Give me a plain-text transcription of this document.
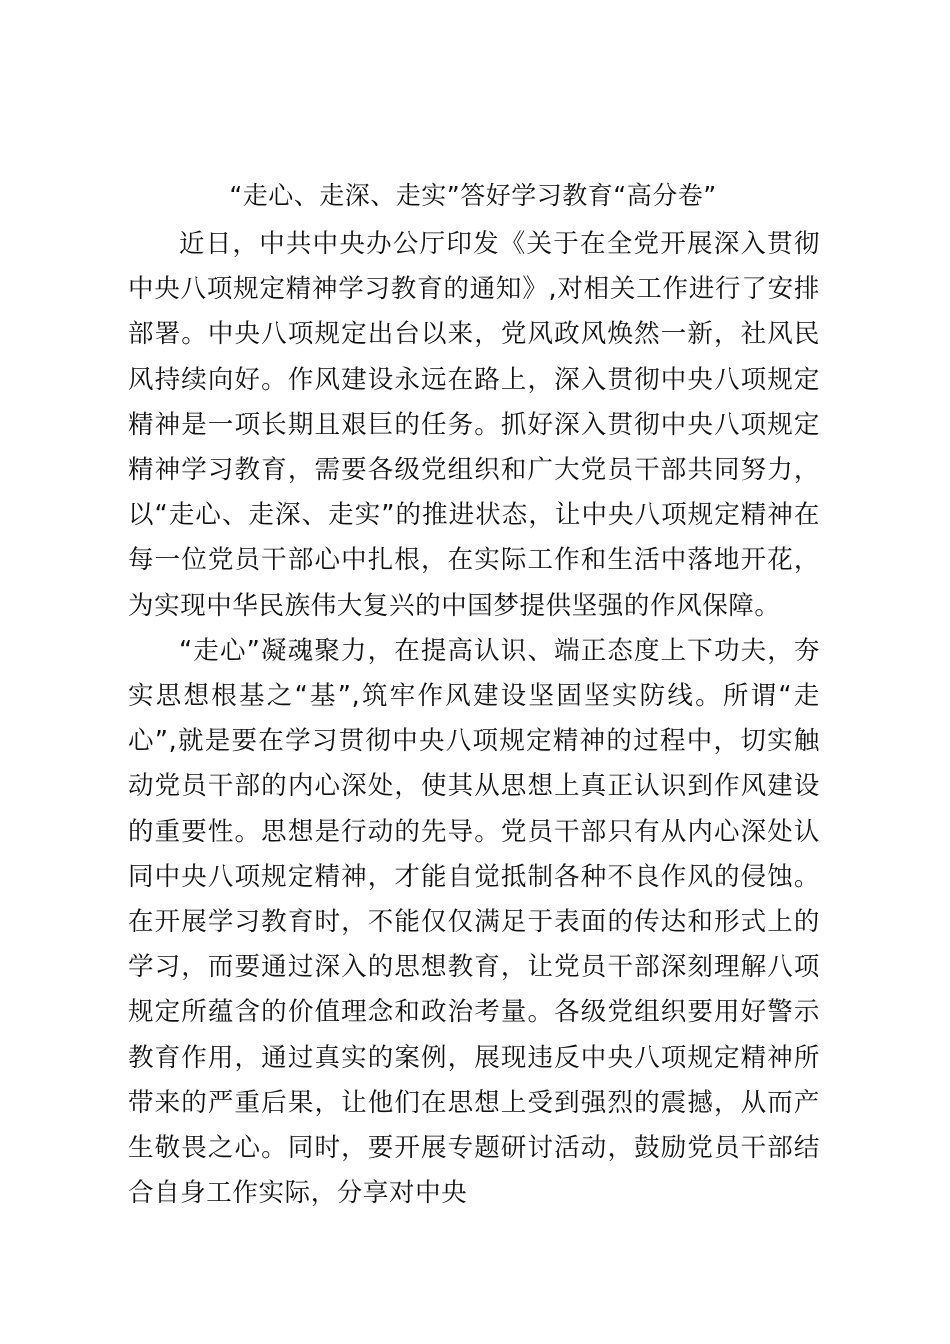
“走心、走深、走实”答好学习教育“高分卷”

近日，中共中央办公厅印发《关于在全党开展深入贯彻中央八项规定精神学习教育的通知》,对相关工作进行了安排部署。中央八项规定出台以来，党风政风焕然一新，社风民风持续向好。作风建设永远在路上，深入贯彻中央八项规定精神是一项长期且艰巨的任务。抓好深入贯彻中央八项规定精神学习教育，需要各级党组织和广大党员干部共同努力，以“走心、走深、走实”的推进状态，让中央八项规定精神在每一位党员干部心中扎根，在实际工作和生活中落地开花，为实现中华民族伟大复兴的中国梦提供坚强的作风保障。

“走心”凝魂聚力，在提高认识、端正态度上下功夫，夯实思想根基之“基”,筑牢作风建设坚固坚实防线。所谓“走心”,就是要在学习贯彻中央八项规定精神的过程中，切实触动党员干部的内心深处，使其从思想上真正认识到作风建设的重要性。思想是行动的先导。党员干部只有从内心深处认同中央八项规定精神，才能自觉抵制各种不良作风的侵蚀。在开展学习教育时，不能仅仅满足于表面的传达和形式上的学习，而要通过深入的思想教育，让党员干部深刻理解八项规定所蕴含的价值理念和政治考量。各级党组织要用好警示教育作用，通过真实的案例，展现违反中央八项规定精神所带来的严重后果，让他们在思想上受到强烈的震撼，从而产生敬畏之心。同时，要开展专题研讨活动，鼓励党员干部结合自身工作实际，分享对中央
